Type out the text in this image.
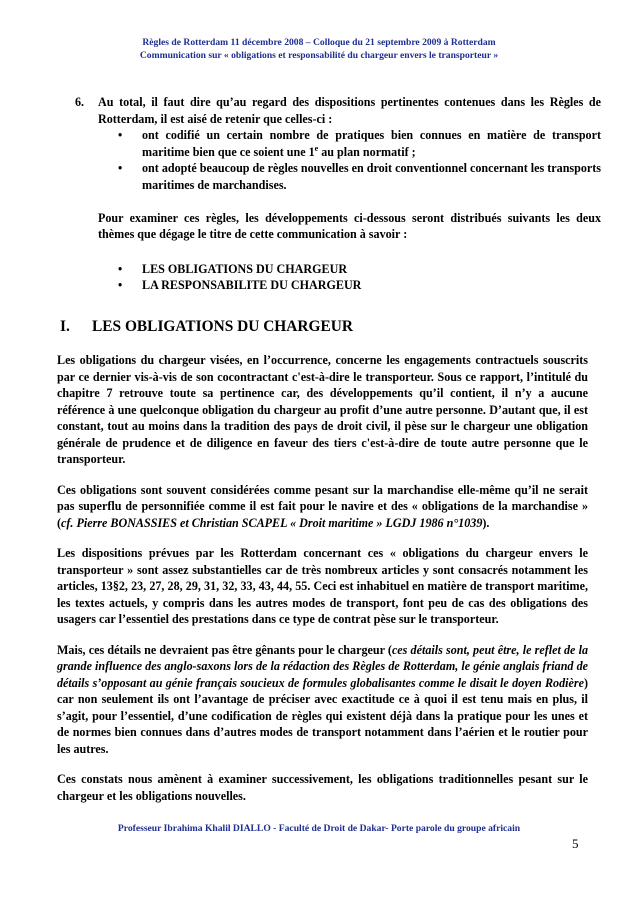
Règles de Rotterdam 11 décembre 2008 – Colloque du 21 septembre 2009 à Rotterdam
Communication sur « obligations et responsabilité du chargeur envers le transporteur »
6. Au total, il faut dire qu’au regard des dispositions pertinentes contenues dans les Règles de Rotterdam, il est aisé de retenir que celles-ci :
• ont codifié un certain nombre de pratiques bien connues en matière de transport maritime bien que ce soient une 1e au plan normatif ;
• ont adopté beaucoup de règles nouvelles en droit conventionnel concernant les transports maritimes de marchandises.
Pour examiner ces règles, les développements ci-dessous seront distribués suivants les deux thèmes que dégage le titre de cette communication à savoir :
• LES OBLIGATIONS DU CHARGEUR
• LA RESPONSABILITE DU CHARGEUR
I. LES OBLIGATIONS DU CHARGEUR

Les obligations du chargeur visées, en l’occurrence, concerne les engagements contractuels souscrits par ce dernier vis-à-vis de son cocontractant c'est-à-dire le transporteur. Sous ce rapport, l’intitulé du chapitre 7 retrouve toute sa pertinence car, des développements qu’il contient, il n’y a aucune référence à une quelconque obligation du chargeur au profit d’une autre personne. D’autant que, il est constant, tout au moins dans la tradition des pays de droit civil, il pèse sur le chargeur une obligation générale de prudence et de diligence en faveur des tiers c'est-à-dire de toute autre personne que le transporteur.

Ces obligations sont souvent considérées comme pesant sur la marchandise elle-même qu’il ne serait pas superflu de personnifiée comme il est fait pour le navire et des « obligations de la marchandise » (cf. Pierre BONASSIES et Christian SCAPEL « Droit maritime » LGDJ 1986 n°1039).

Les dispositions prévues par les Rotterdam concernant ces « obligations du chargeur envers le transporteur » sont assez substantielles car de très nombreux articles y sont consacrés notamment les articles, 13§2, 23, 27, 28, 29, 31, 32, 33, 43, 44, 55. Ceci est inhabituel en matière de transport maritime, les textes actuels, y compris dans les autres modes de transport, font peu de cas des obligations des usagers car l’essentiel des prestations dans ce type de contrat pèse sur le transporteur.

Mais, ces détails ne devraient pas être gênants pour le chargeur (ces détails sont, peut être, le reflet de la grande influence des anglo-saxons lors de la rédaction des Règles de Rotterdam, le génie anglais friand de détails s’opposant au génie français soucieux de formules globalisantes comme le disait le doyen Rodière) car non seulement ils ont l’avantage de préciser avec exactitude ce à quoi il est tenu mais en plus, il s’agit, pour l’essentiel, d’une codification de règles qui existent déjà dans la pratique pour les unes et de normes bien connues dans d’autres modes de transport notamment dans l’aérien et le routier pour les autres.

Ces constats nous amènent à examiner successivement, les obligations traditionnelles pesant sur le chargeur et les obligations nouvelles.

Professeur Ibrahima Khalil DIALLO - Faculté de Droit de Dakar- Porte parole du groupe africain
5
